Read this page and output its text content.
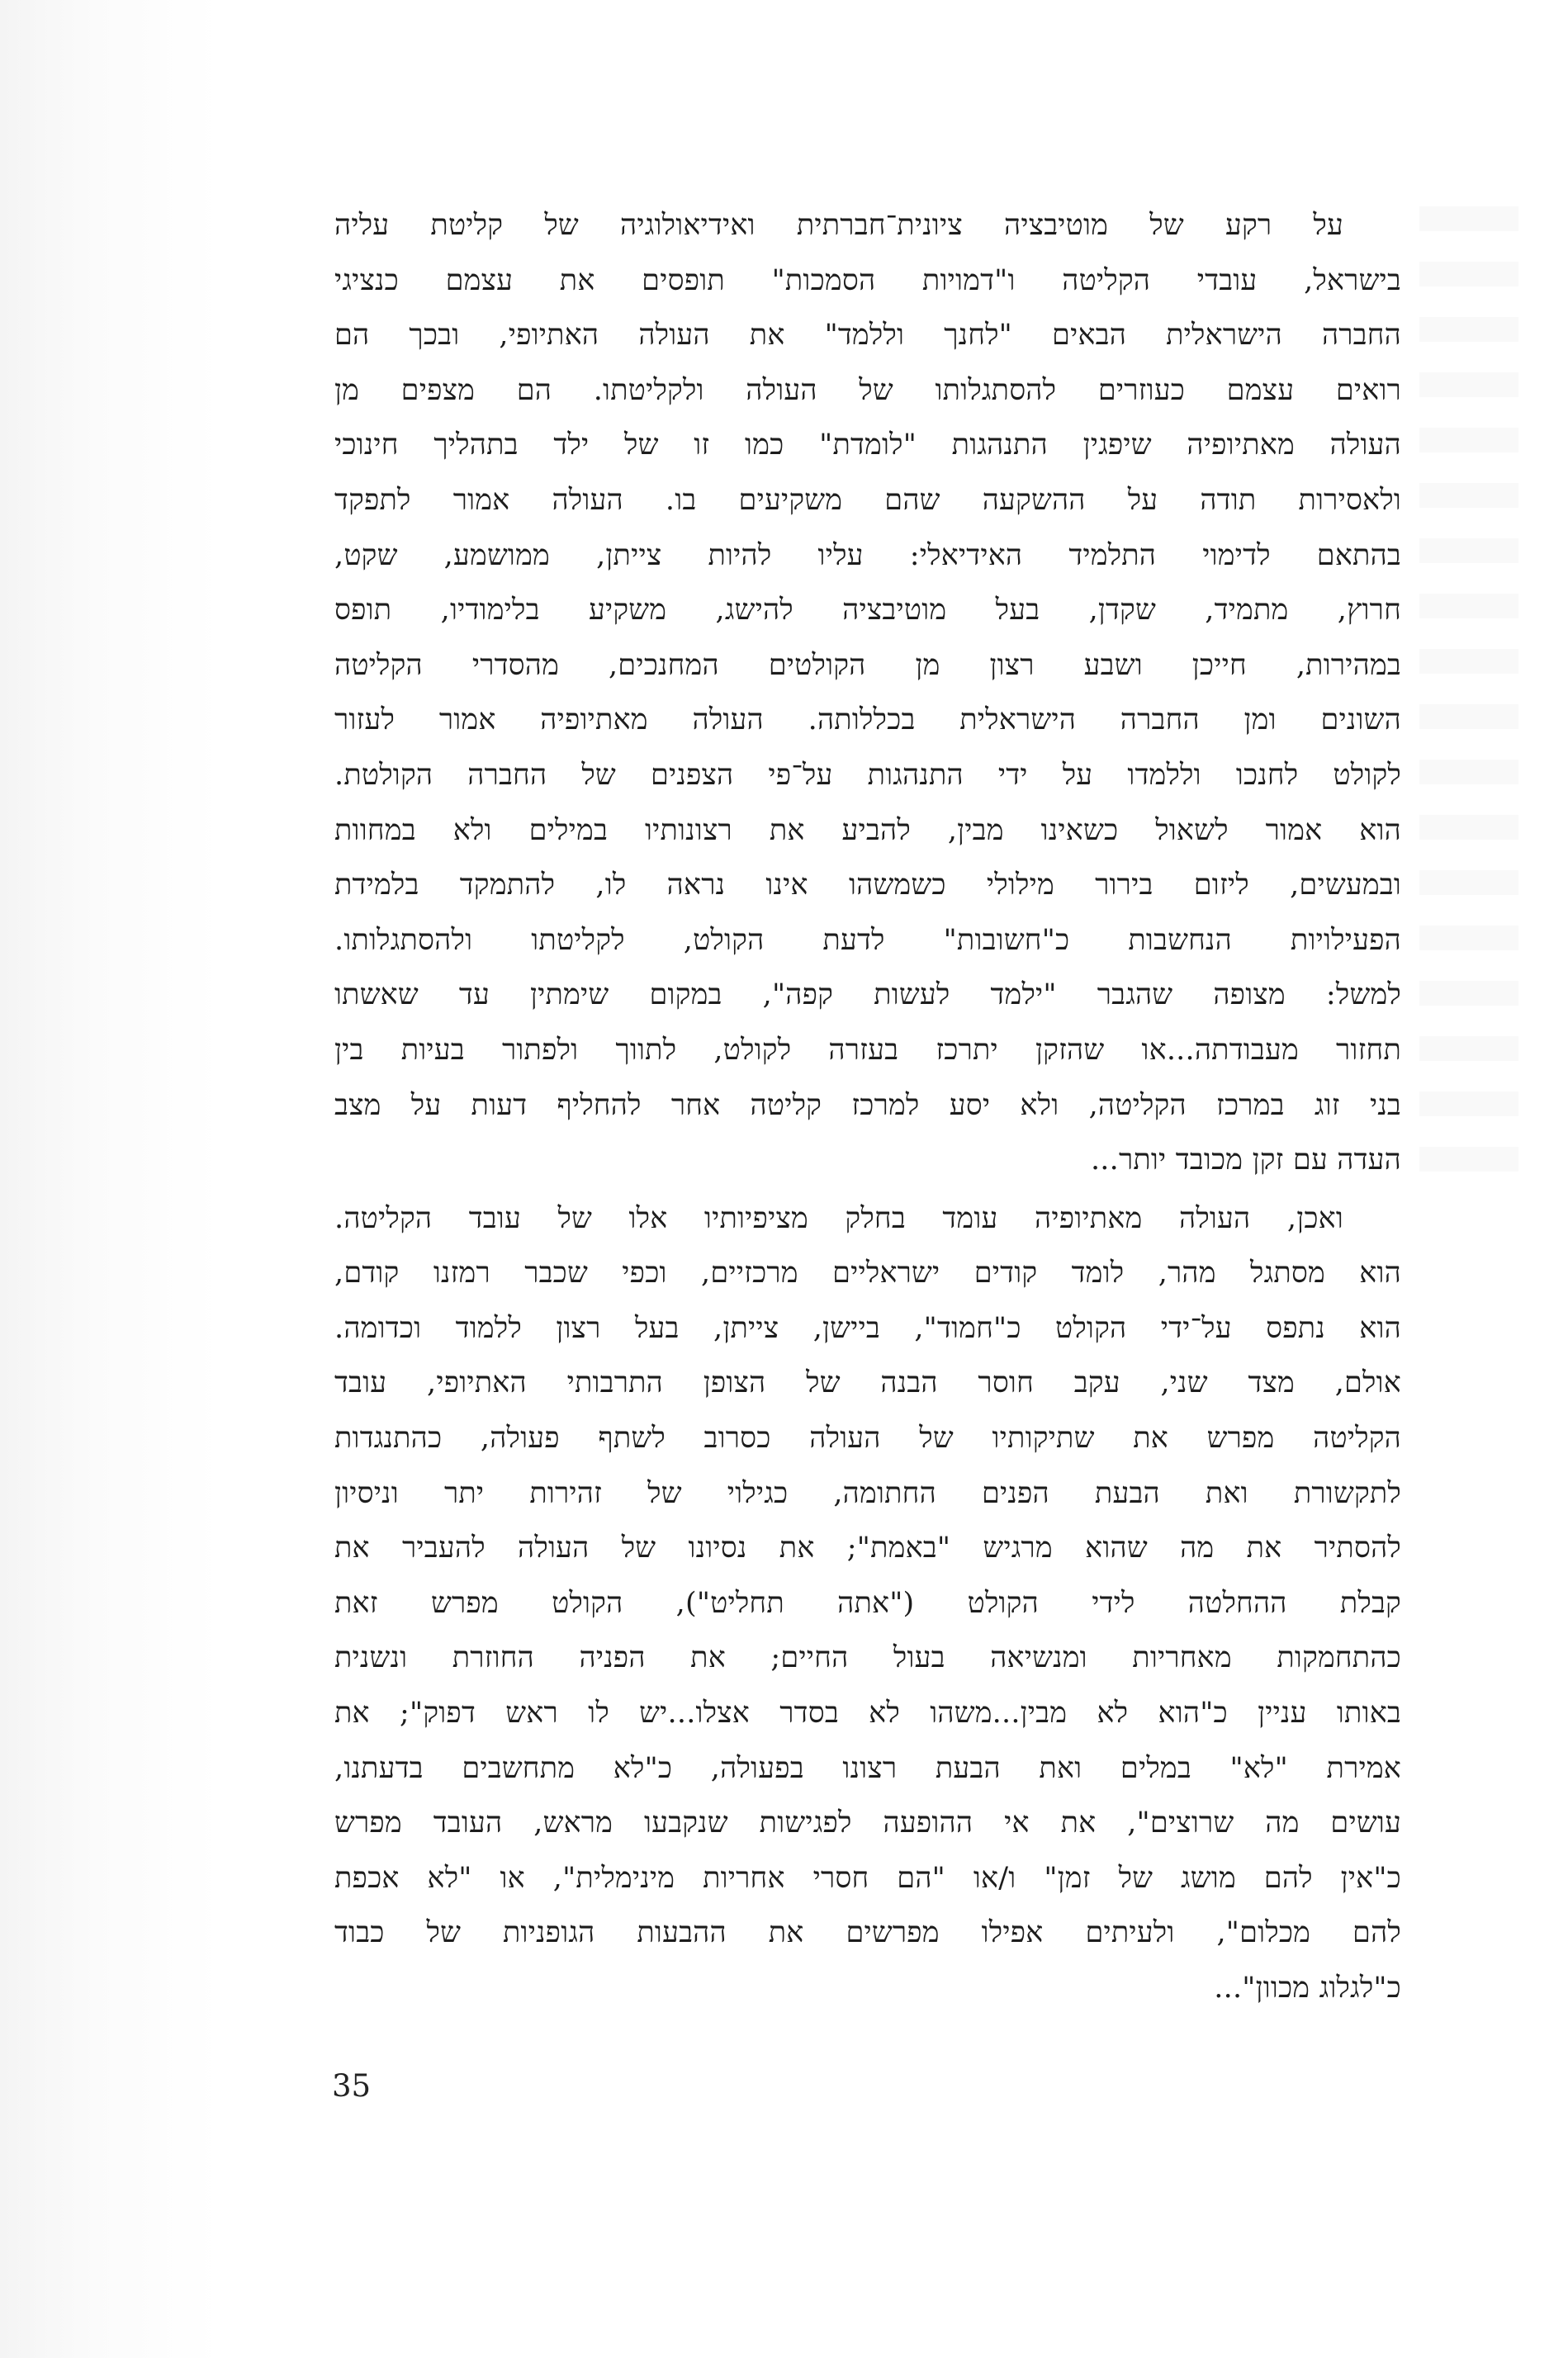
על רקע של מוטיבציה ציונית־חברתית ואידיאולוגיה של קליטת עליה
בישראל, עובדי הקליטה ו"דמויות הסמכות" תופסים את עצמם כנציגי
החברה הישראלית הבאים "לחנך וללמד" את העולה האתיופי, ובכך הם
רואים עצמם כעוזרים להסתגלותו של העולה ולקליטתו. הם מצפים מן
העולה מאתיופיה שיפגין התנהגות "לומדת" כמו זו של ילד בתהליך חינוכי
ולאסירות תודה על ההשקעה שהם משקיעים בו. העולה אמור לתפקד
בהתאם לדימוי התלמיד האידיאלי: עליו להיות צייתן, ממושמע, שקט,
חרוץ, מתמיד, שקדן, בעל מוטיבציה להישג, משקיע בלימודיו, תופס
במהירות, חייכן ושבע רצון מן הקולטים המחנכים, מהסדרי הקליטה
השונים ומן החברה הישראלית בכללותה. העולה מאתיופיה אמור לעזור
לקולט לחנכו וללמדו על ידי התנהגות על־פי הצפנים של החברה הקולטת.
הוא אמור לשאול כשאינו מבין, להביע את רצונותיו במילים ולא במחוות
ובמעשים, ליזום בירור מילולי כשמשהו אינו נראה לו, להתמקד בלמידת
הפעילויות הנחשבות כ"חשובות" לדעת הקולט, לקליטתו ולהסתגלותו.
למשל: מצופה שהגבר "ילמד לעשות קפה", במקום שימתין עד שאשתו
תחזור מעבודתה...או שהזקן יתרכז בעזרה לקולט, לתווך ולפתור בעיות בין
בני זוג במרכז הקליטה, ולא יסע למרכז קליטה אחר להחליף דעות על מצב
העדה עם זקן מכובד יותר...
ואכן, העולה מאתיופיה עומד בחלק מציפיותיו אלו של עובד הקליטה.
הוא מסתגל מהר, לומד קודים ישראליים מרכזיים, וכפי שכבר רמזנו קודם,
הוא נתפס על־ידי הקולט כ"חמוד", ביישן, צייתן, בעל רצון ללמוד וכדומה.
אולם, מצד שני, עקב חוסר הבנה של הצופן התרבותי האתיופי, עובד
הקליטה מפרש את שתיקותיו של העולה כסרוב לשתף פעולה, כהתנגדות
לתקשורת ואת הבעת הפנים החתומה, כגילוי של זהירות יתר וניסיון
להסתיר את מה שהוא מרגיש "באמת"; את נסיונו של העולה להעביר את
קבלת ההחלטה לידי הקולט ("אתה תחליט"), הקולט מפרש זאת
כהתחמקות מאחריות ומנשיאה בעול החיים; את הפניה החוזרת ונשנית
באותו עניין כ"הוא לא מבין...משהו לא בסדר אצלו...יש לו ראש דפוק"; את
אמירת "לא" במלים ואת הבעת רצונו בפעולה, כ"לא מתחשבים בדעתנו,
עושים מה שרוצים", את אי ההופעה לפגישות שנקבעו מראש, העובד מפרש
כ"אין להם מושג של זמן" ו/או "הם חסרי אחריות מינימלית", או "לא אכפת
להם מכלום", ולעיתים אפילו מפרשים את ההבעות הגופניות של כבוד
כ"לגלוג מכוון"...
35
